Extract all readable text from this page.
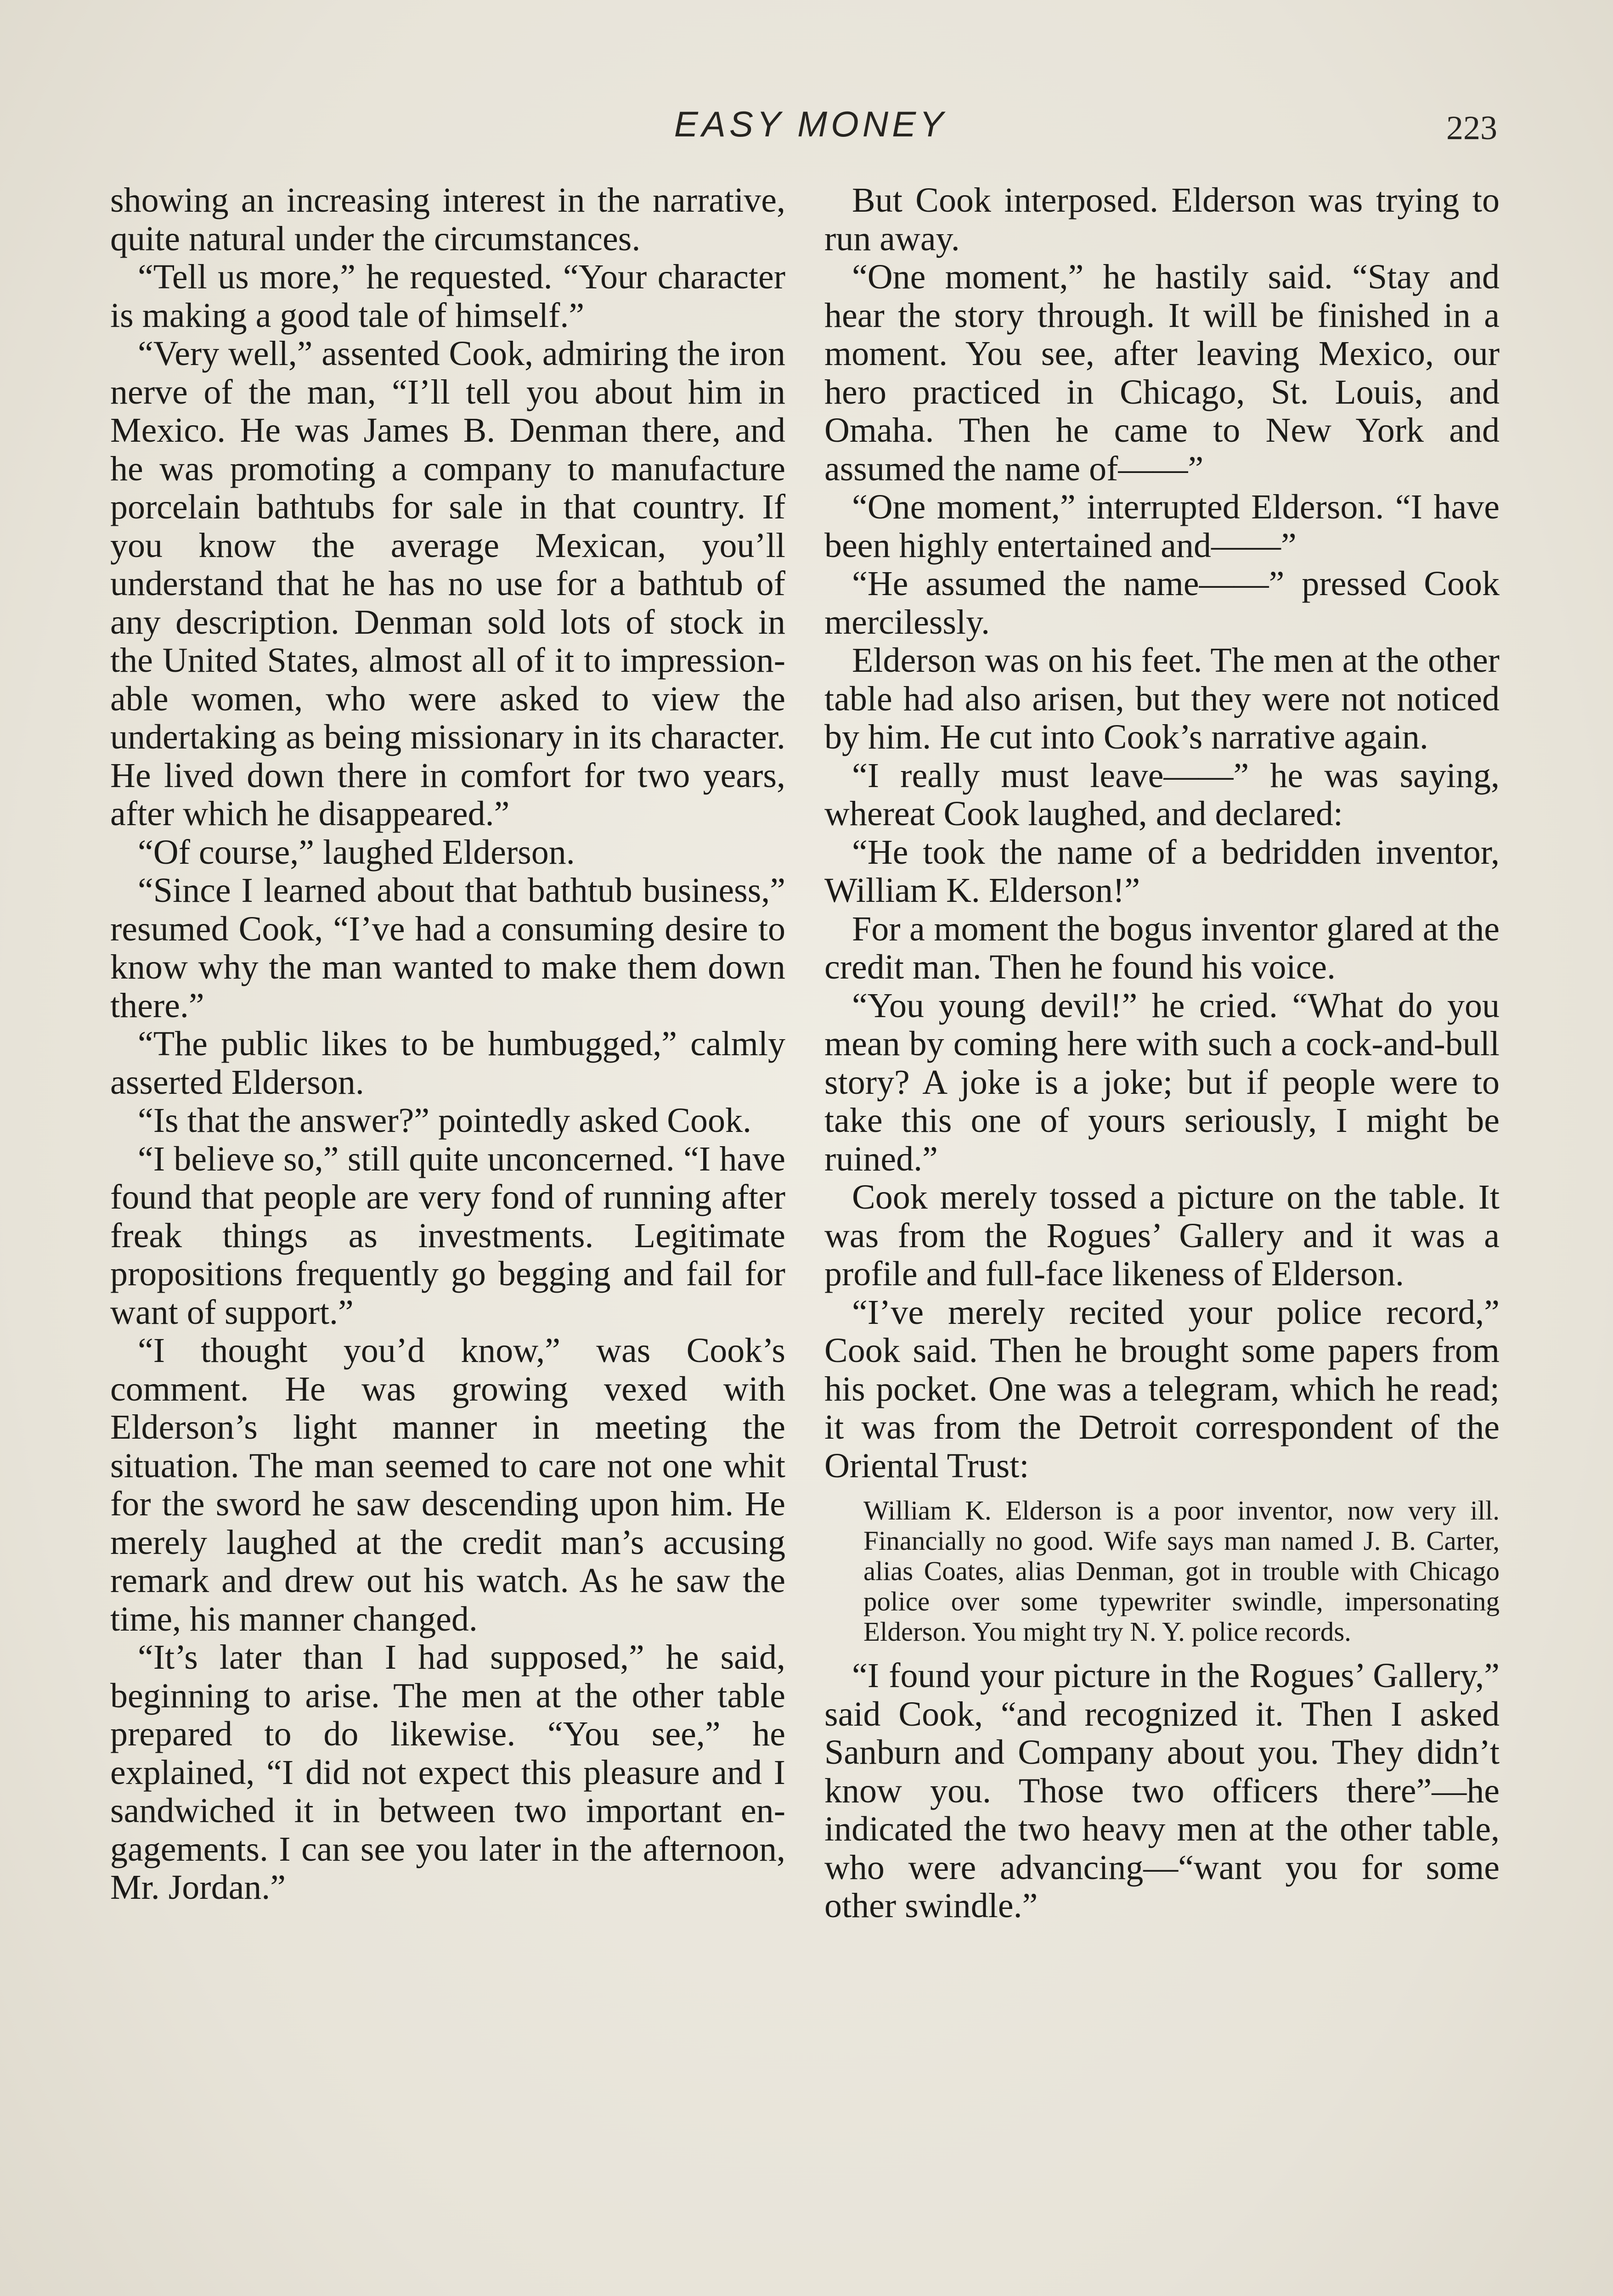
EASY MONEY	223

showing an increasing interest in the narrative, quite natural under the circumstances.

“Tell us more,” he requested. “Your character is making a good tale of himself.”

“Very well,” assented Cook, admiring the iron nerve of the man, “I’ll tell you about him in Mexico. He was James B. Denman there, and he was promoting a company to manufacture porcelain bathtubs for sale in that country. If you know the average Mexican, you’ll understand that he has no use for a bathtub of any description. Denman sold lots of stock in the United States, almost all of it to impressionable women, who were asked to view the undertaking as being missionary in its character. He lived down there in comfort for two years, after which he disappeared.”

“Of course,” laughed Elderson.

“Since I learned about that bathtub business,” resumed Cook, “I’ve had a consuming desire to know why the man wanted to make them down there.”

“The public likes to be humbugged,” calmly asserted Elderson.

“Is that the answer?” pointedly asked Cook.

“I believe so,” still quite unconcerned. “I have found that people are very fond of running after freak things as investments. Legitimate propositions frequently go begging and fail for want of support.”

“I thought you’d know,” was Cook’s comment. He was growing vexed with Elderson’s light manner in meeting the situation. The man seemed to care not one whit for the sword he saw descending upon him. He merely laughed at the credit man’s accusing remark and drew out his watch. As he saw the time, his manner changed.

“It’s later than I had supposed,” he said, beginning to arise. The men at the other table prepared to do likewise. “You see,” he explained, “I did not expect this pleasure and I sandwiched it in between two important engagements. I can see you later in the afternoon, Mr. Jordan.”

But Cook interposed. Elderson was trying to run away.

“One moment,” he hastily said. “Stay and hear the story through. It will be finished in a moment. You see, after leaving Mexico, our hero practiced in Chicago, St. Louis, and Omaha. Then he came to New York and assumed the name of——”

“One moment,” interrupted Elderson. “I have been highly entertained and——”

“He assumed the name——” pressed Cook mercilessly.

Elderson was on his feet. The men at the other table had also arisen, but they were not noticed by him. He cut into Cook’s narrative again.

“I really must leave——” he was saying, whereat Cook laughed, and declared:

“He took the name of a bedridden inventor, William K. Elderson!”

For a moment the bogus inventor glared at the credit man. Then he found his voice.

“You young devil!” he cried. “What do you mean by coming here with such a cock-and-bull story? A joke is a joke; but if people were to take this one of yours seriously, I might be ruined.”

Cook merely tossed a picture on the table. It was from the Rogues’ Gallery and it was a profile and full-face likeness of Elderson.

“I’ve merely recited your police record,” Cook said. Then he brought some papers from his pocket. One was a telegram, which he read; it was from the Detroit correspondent of the Oriental Trust:

William K. Elderson is a poor inventor, now very ill. Financially no good. Wife says man named J. B. Carter, alias Coates, alias Denman, got in trouble with Chicago police over some typewriter swindle, impersonating Elderson. You might try N. Y. police records.

“I found your picture in the Rogues’ Gallery,” said Cook, “and recognized it. Then I asked Sanburn and Company about you. They didn’t know you. Those two officers there”—he indicated the two heavy men at the other table, who were advancing—“want you for some other swindle.”
